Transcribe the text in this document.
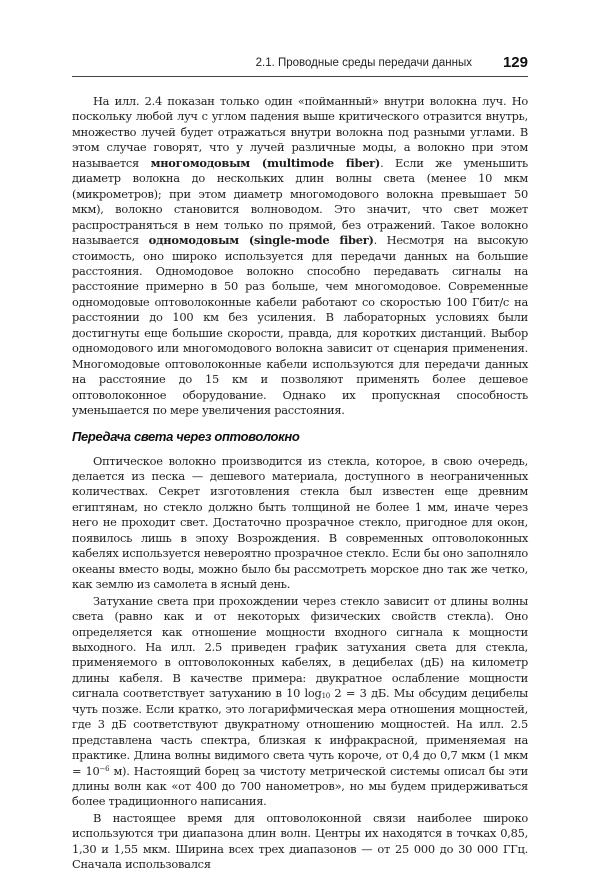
2.1. Проводные среды передачи данных 129

На илл. 2.4 показан только один «пойманный» внутри волокна луч. Но поскольку любой луч с углом падения выше критического отразится внутрь, множество лучей будет отражаться внутри волокна под разными углами. В этом случае говорят, что у лучей различные моды, а волокно при этом называется многомодовым (multimode fiber). Если же уменьшить диаметр волокна до нескольких длин волны света (менее 10 мкм (микрометров); при этом диаметр многомодового волокна превышает 50 мкм), волокно становится волноводом. Это значит, что свет может распространяться в нем только по прямой, без отражений. Такое волокно называется одномодовым (single-mode fiber). Несмотря на высокую стоимость, оно широко используется для передачи данных на большие расстояния. Одномодовое волокно способно передавать сигналы на расстояние примерно в 50 раз больше, чем многомодовое. Современные одномодовые оптоволоконные кабели работают со скоростью 100 Гбит/с на расстоянии до 100 км без усиления. В лабораторных условиях были достигнуты еще большие скорости, правда, для коротких дистанций. Выбор одномодового или многомодового волокна зависит от сценария применения. Многомодовые оптоволоконные кабели используются для передачи данных на расстояние до 15 км и позволяют применять более дешевое оптоволоконное оборудование. Однако их пропускная способность уменьшается по мере увеличения расстояния.

Передача света через оптоволокно

Оптическое волокно производится из стекла, которое, в свою очередь, делается из песка — дешевого материала, доступного в неограниченных количествах. Секрет изготовления стекла был известен еще древним египтянам, но стекло должно быть толщиной не более 1 мм, иначе через него не проходит свет. Достаточно прозрачное стекло, пригодное для окон, появилось лишь в эпоху Возрождения. В современных оптоволоконных кабелях используется невероятно прозрачное стекло. Если бы оно заполняло океаны вместо воды, можно было бы рассмотреть морское дно так же четко, как землю из самолета в ясный день.

Затухание света при прохождении через стекло зависит от длины волны света (равно как и от некоторых физических свойств стекла). Оно определяется как отношение мощности входного сигнала к мощности выходного. На илл. 2.5 приведен график затухания света для стекла, применяемого в оптоволоконных кабелях, в децибелах (дБ) на километр длины кабеля. В качестве примера: двукратное ослабление мощности сигнала соответствует затуханию в 10 $\log_{10} 2 = 3$ дБ. Мы обсудим децибелы чуть позже. Если кратко, это логарифмическая мера отношения мощностей, где 3 дБ соответствуют двукратному отношению мощностей. На илл. 2.5 представлена часть спектра, близкая к инфракрасной, применяемая на практике. Длина волны видимого света чуть короче, от 0,4 до 0,7 мкм (1 мкм = $10^{-6}$ м). Настоящий борец за чистоту метрической системы описал бы эти длины волн как «от 400 до 700 нанометров», но мы будем придерживаться более традиционного написания.

В настоящее время для оптоволоконной связи наиболее широко используются три диапазона длин волн. Центры их находятся в точках 0,85, 1,30 и 1,55 мкм. Ширина всех трех диапазонов — от 25 000 до 30 000 ГГц. Сначала использовался
